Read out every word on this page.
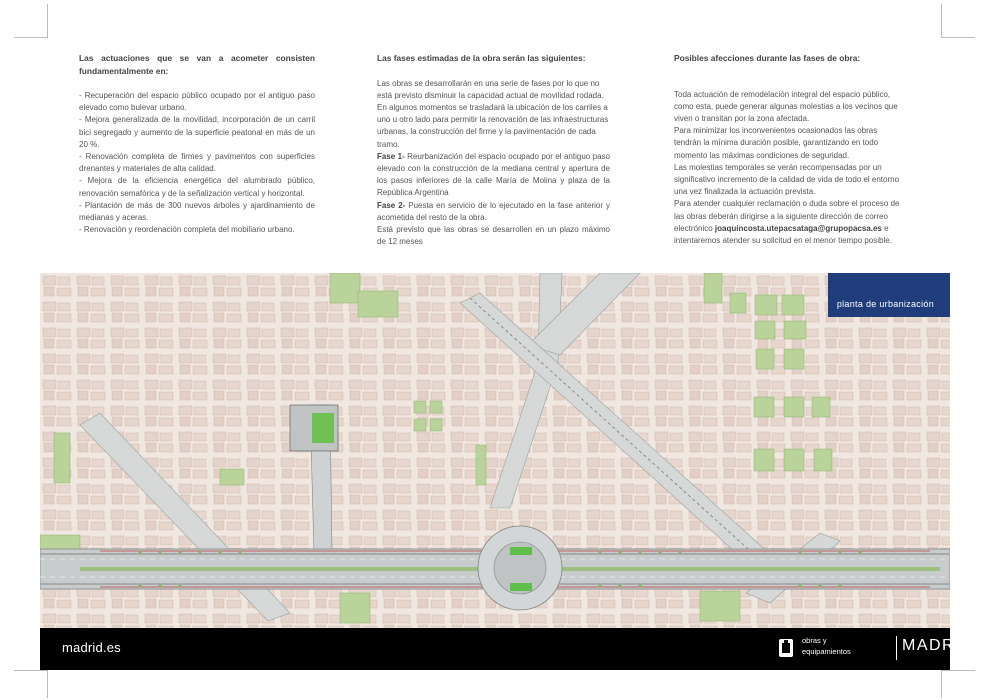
Las actuaciones que se van a acometer consisten fundamentalmente en:

- Recuperación del espacio público ocupado por el antiguo paso elevado como bulevar urbano.

- Mejora generalizada de la movilidad, incorporación de un carril bici segregado y aumento de la superficie peatonal en más de un 20 %.

- Renovación completa de firmes y pavimentos con superficies drenantes y materiales de alta calidad.

- Mejora de la eficiencia energética del alumbrado público, renovación semafórica y de la señalización vertical y horizontal.

- Plantación de más de 300 nuevos árboles y ajardinamiento de medianas y aceras.

- Renovación y reordenación completa del mobiliario urbano.

Las fases estimadas de la obra serán las siguientes:

Las obras se desarrollarán en una serie de fases por lo que no está previsto disminuir la capacidad actual de movilidad rodada. En algunos momentos se trasladará la ubicación de los carriles a uno u otro lado para permitir la renovación de las infraestructuras urbanas, la construcción del firme y la pavimentación de cada tramo.

Fase 1- Reurbanización del espacio ocupado por el antiguo paso elevado con la construcción de la mediana central y apertura de los pasos inferiores de la calle María de Molina y plaza de la República Argentina

Fase 2- Puesta en servicio de lo ejecutado en la fase anterior y acometida del resto de la obra.

Está previsto que las obras se desarrollen en un plazo máximo de 12 meses

Posibles afecciones durante las fases de obra:

Toda actuación de remodelación integral del espacio público, como esta, puede generar algunas molestias a los vecinos que viven o transitan por la zona afectada.

Para minimizar los inconvenientes ocasionados las obras tendrán la mínima duración posible, garantizando en todo momento las máximas condiciones de seguridad.

Las molestias temporales se verán recompensadas por un significativo incremento de la calidad de vida de todo el entorno una vez finalizada la actuación prevista.

Para atender cualquier reclamación o duda sobre el proceso de las obras deberán dirigirse a la siguiente dirección de correo electrónico joaquincosta.utepacsataga@grupopacsa.es e intentaremos atender su solicitud en el menor tiempo posible.

planta de urbanización
madrid.es	obras y
equipamientos	MADRID
